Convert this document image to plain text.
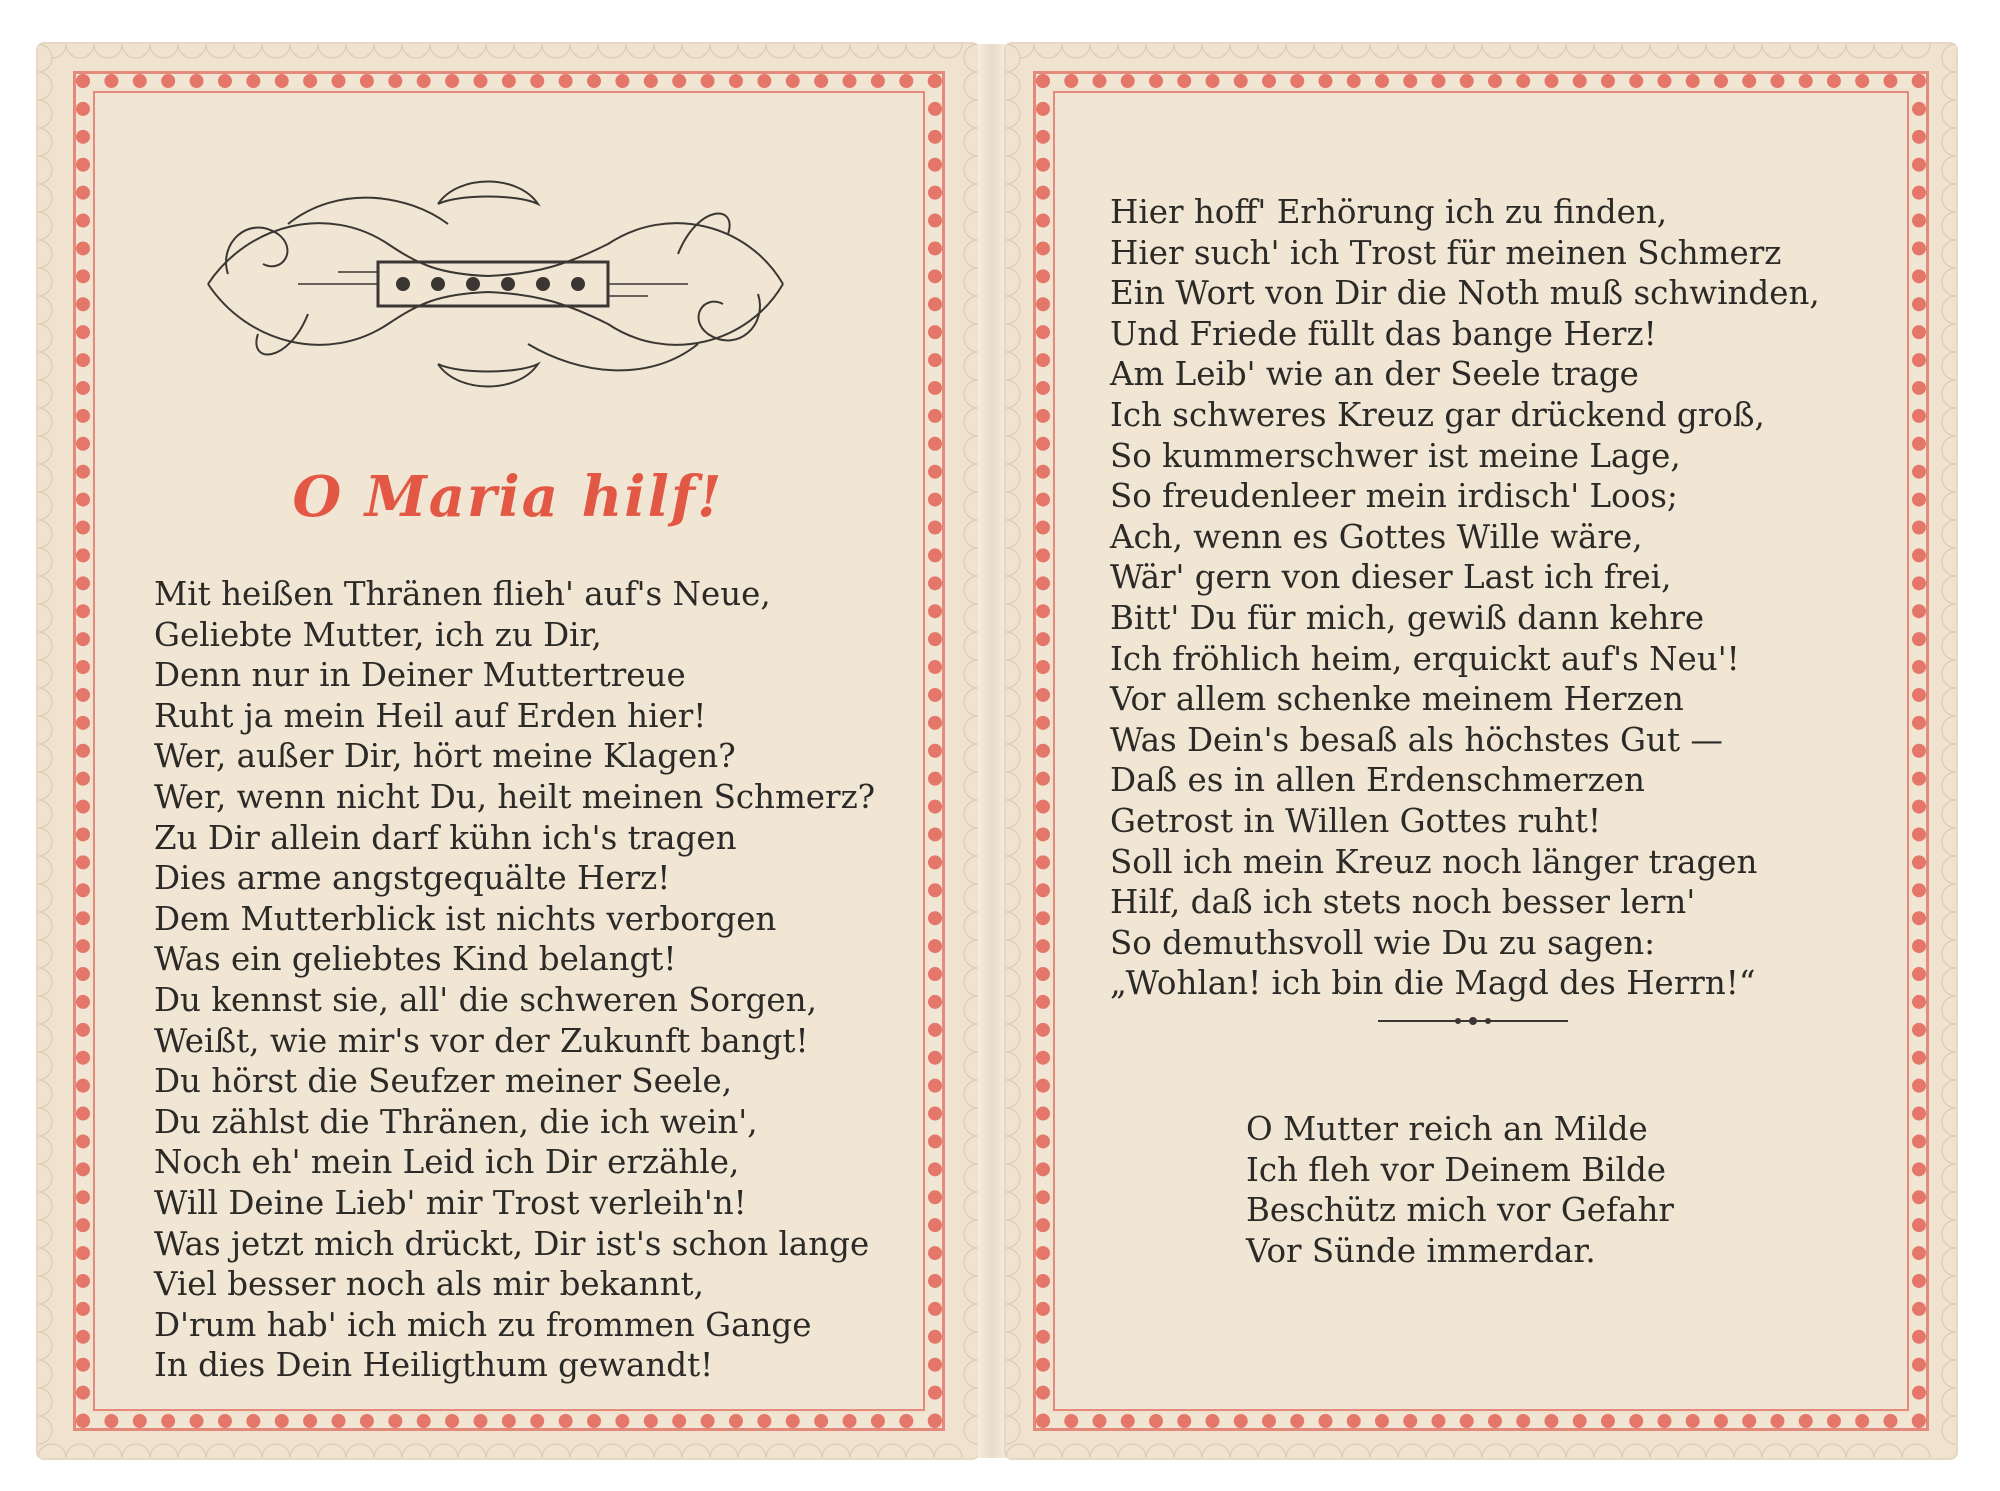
O Maria hilf!
Mit heißen Thränen flieh' auf's Neue,
Geliebte Mutter, ich zu Dir,
Denn nur in Deiner Muttertreue
Ruht ja mein Heil auf Erden hier!
Wer, außer Dir, hört meine Klagen?
Wer, wenn nicht Du, heilt meinen Schmerz?
Zu Dir allein darf kühn ich's tragen
Dies arme angstgequälte Herz!
Dem Mutterblick ist nichts verborgen
Was ein geliebtes Kind belangt!
Du kennst sie, all' die schweren Sorgen,
Weißt, wie mir's vor der Zukunft bangt!
Du hörst die Seufzer meiner Seele,
Du zählst die Thränen, die ich wein',
Noch eh' mein Leid ich Dir erzähle,
Will Deine Lieb' mir Trost verleih'n!
Was jetzt mich drückt, Dir ist's schon lange
Viel besser noch als mir bekannt,
D'rum hab' ich mich zu frommen Gange
In dies Dein Heiligthum gewandt!
Hier hoff' Erhörung ich zu finden,
Hier such' ich Trost für meinen Schmerz
Ein Wort von Dir die Noth muß schwinden,
Und Friede füllt das bange Herz!
Am Leib' wie an der Seele trage
Ich schweres Kreuz gar drückend groß,
So kummerschwer ist meine Lage,
So freudenleer mein irdisch' Loos;
Ach, wenn es Gottes Wille wäre,
Wär' gern von dieser Last ich frei,
Bitt' Du für mich, gewiß dann kehre
Ich fröhlich heim, erquickt auf's Neu'!
Vor allem schenke meinem Herzen
Was Dein's besaß als höchstes Gut —
Daß es in allen Erdenschmerzen
Getrost in Willen Gottes ruht!
Soll ich mein Kreuz noch länger tragen
Hilf, daß ich stets noch besser lern'
So demuthsvoll wie Du zu sagen:
„Wohlan! ich bin die Magd des Herrn!“
O Mutter reich an Milde
Ich fleh vor Deinem Bilde
Beschütz mich vor Gefahr
Vor Sünde immerdar.
